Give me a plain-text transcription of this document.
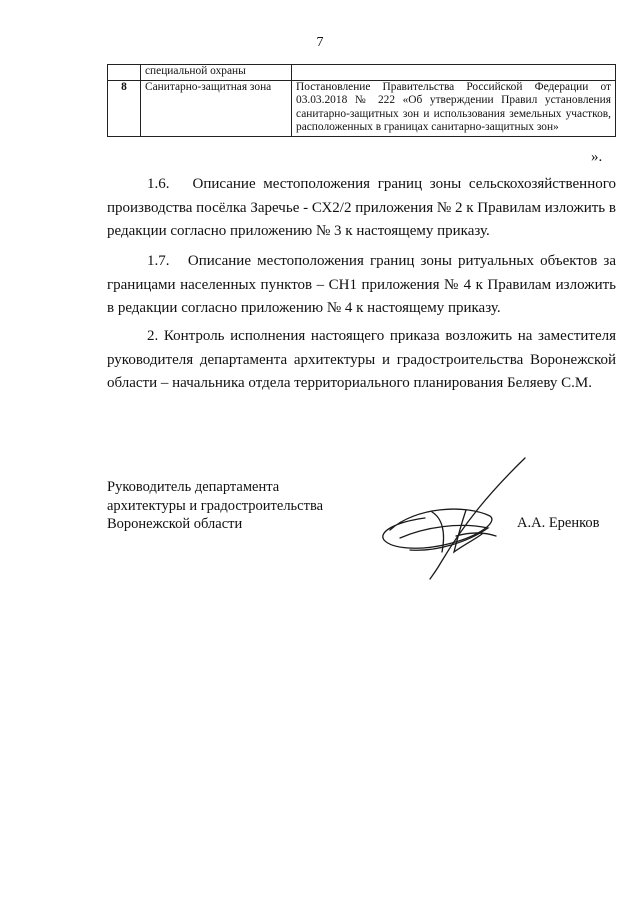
7
	специальной охраны	
8	Санитарно-защитная зона	Постановление Правительства Российской Федерации от 03.03.2018 № 222 «Об утверждении Правил установления санитарно-защитных зон и использования земельных участков, расположенных в границах санитарно-защитных зон»
».

1.6. Описание местоположения границ зоны сельскохозяйственного производства посёлка Заречье - СХ2/2 приложения № 2 к Правилам изложить в редакции согласно приложению № 3 к настоящему приказу.

1.7. Описание местоположения границ зоны ритуальных объектов за границами населенных пунктов – СН1 приложения № 4 к Правилам изложить в редакции согласно приложению № 4 к настоящему приказу.

2. Контроль исполнения настоящего приказа возложить на заместителя руководителя департамента архитектуры и градостроительства Воронежской области – начальника отдела территориального планирования Беляеву С.М.

Руководитель департамента
архитектуры и градостроительства
Воронежской области	А.А. Еренков
